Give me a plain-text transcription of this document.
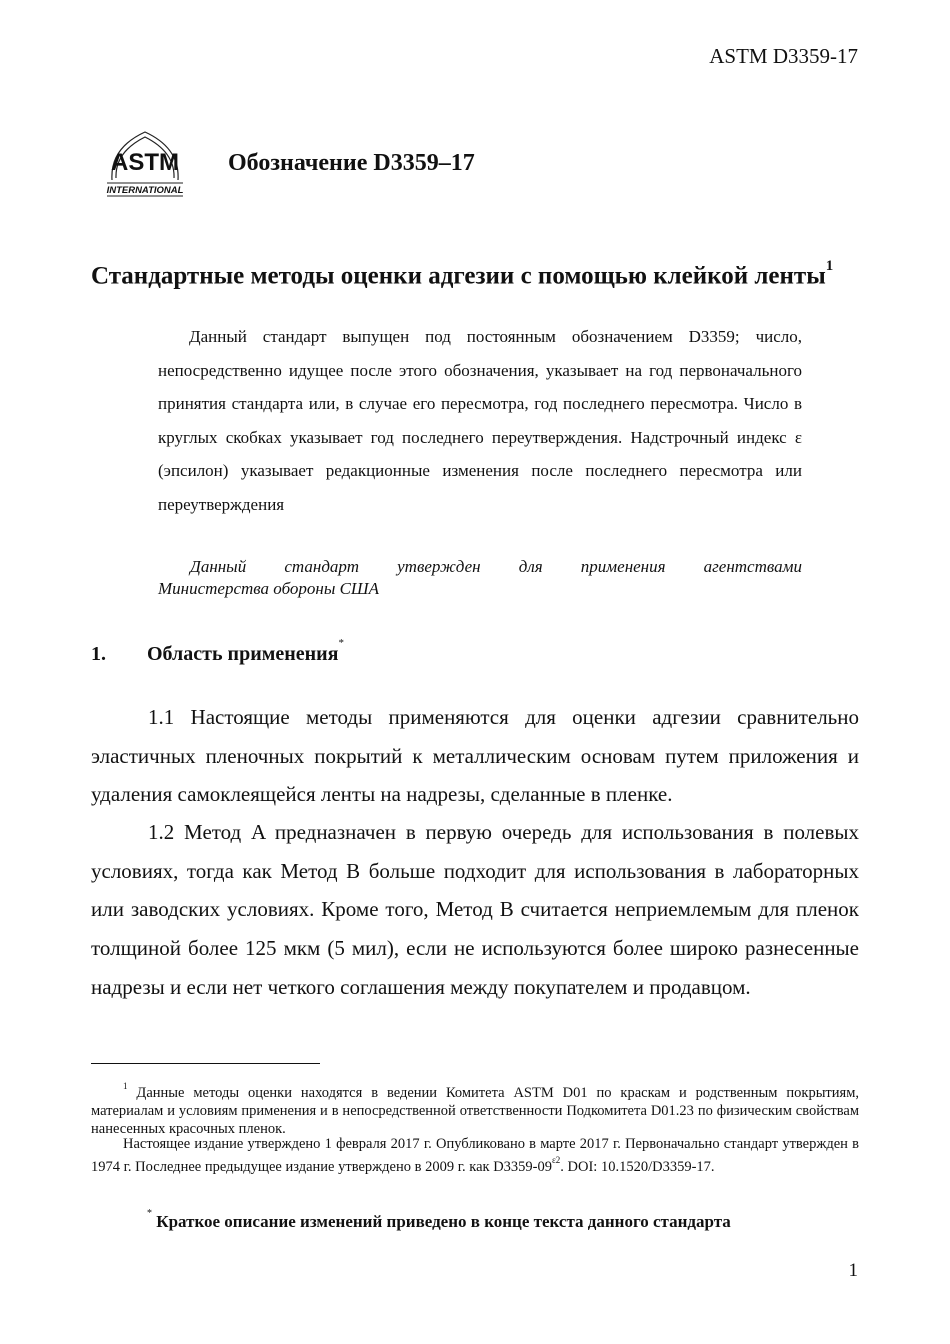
ASTM D3359-17
ASTM
INTERNATIONAL
Обозначение D3359–17
Стандартные методы оценки адгезии с помощью клейкой ленты$^1$

Данный стандарт выпущен под постоянным обозначением D3359; число, непосредственно идущее после этого обозначения, указывает на год первоначального принятия стандарта или, в случае его пересмотра, год последнего пересмотра. Число в круглых скобках указывает год последнего переутверждения. Надстрочный индекс ε (эпсилон) указывает редакционные изменения после последнего пересмотра или переутверждения

Данный стандарт утвержден для применения агентствами
Министерства обороны США
1. Область применения*

1.1 Настоящие методы применяются для оценки адгезии сравнительно эластичных пленочных покрытий к металлическим основам путем приложения и удаления самоклеящейся ленты на надрезы, сделанные в пленке.

1.2 Метод A предназначен в первую очередь для использования в полевых условиях, тогда как Метод B больше подходит для использования в лабораторных или заводских условиях. Кроме того, Метод B считается неприемлемым для пленок толщиной более 125 мкм (5 мил), если не используются более широко разнесенные надрезы и если нет четкого соглашения между покупателем и продавцом.

$^1$ Данные методы оценки находятся в ведении Комитета ASTM D01 по краскам и родственным покрытиям, материалам и условиям применения и в непосредственной ответственности Подкомитета D01.23 по физическим свойствам нанесенных красочных пленок.

Настоящее издание утверждено 1 февраля 2017 г. Опубликовано в марте 2017 г. Первоначально стандарт утвержден в 1974 г. Последнее предыдущее издание утверждено в 2009 г. как $D3359-09^{\varepsilon 2}$. DOI: 10.1520/D3359-17.

* Краткое описание изменений приведено в конце текста данного стандарта
1
